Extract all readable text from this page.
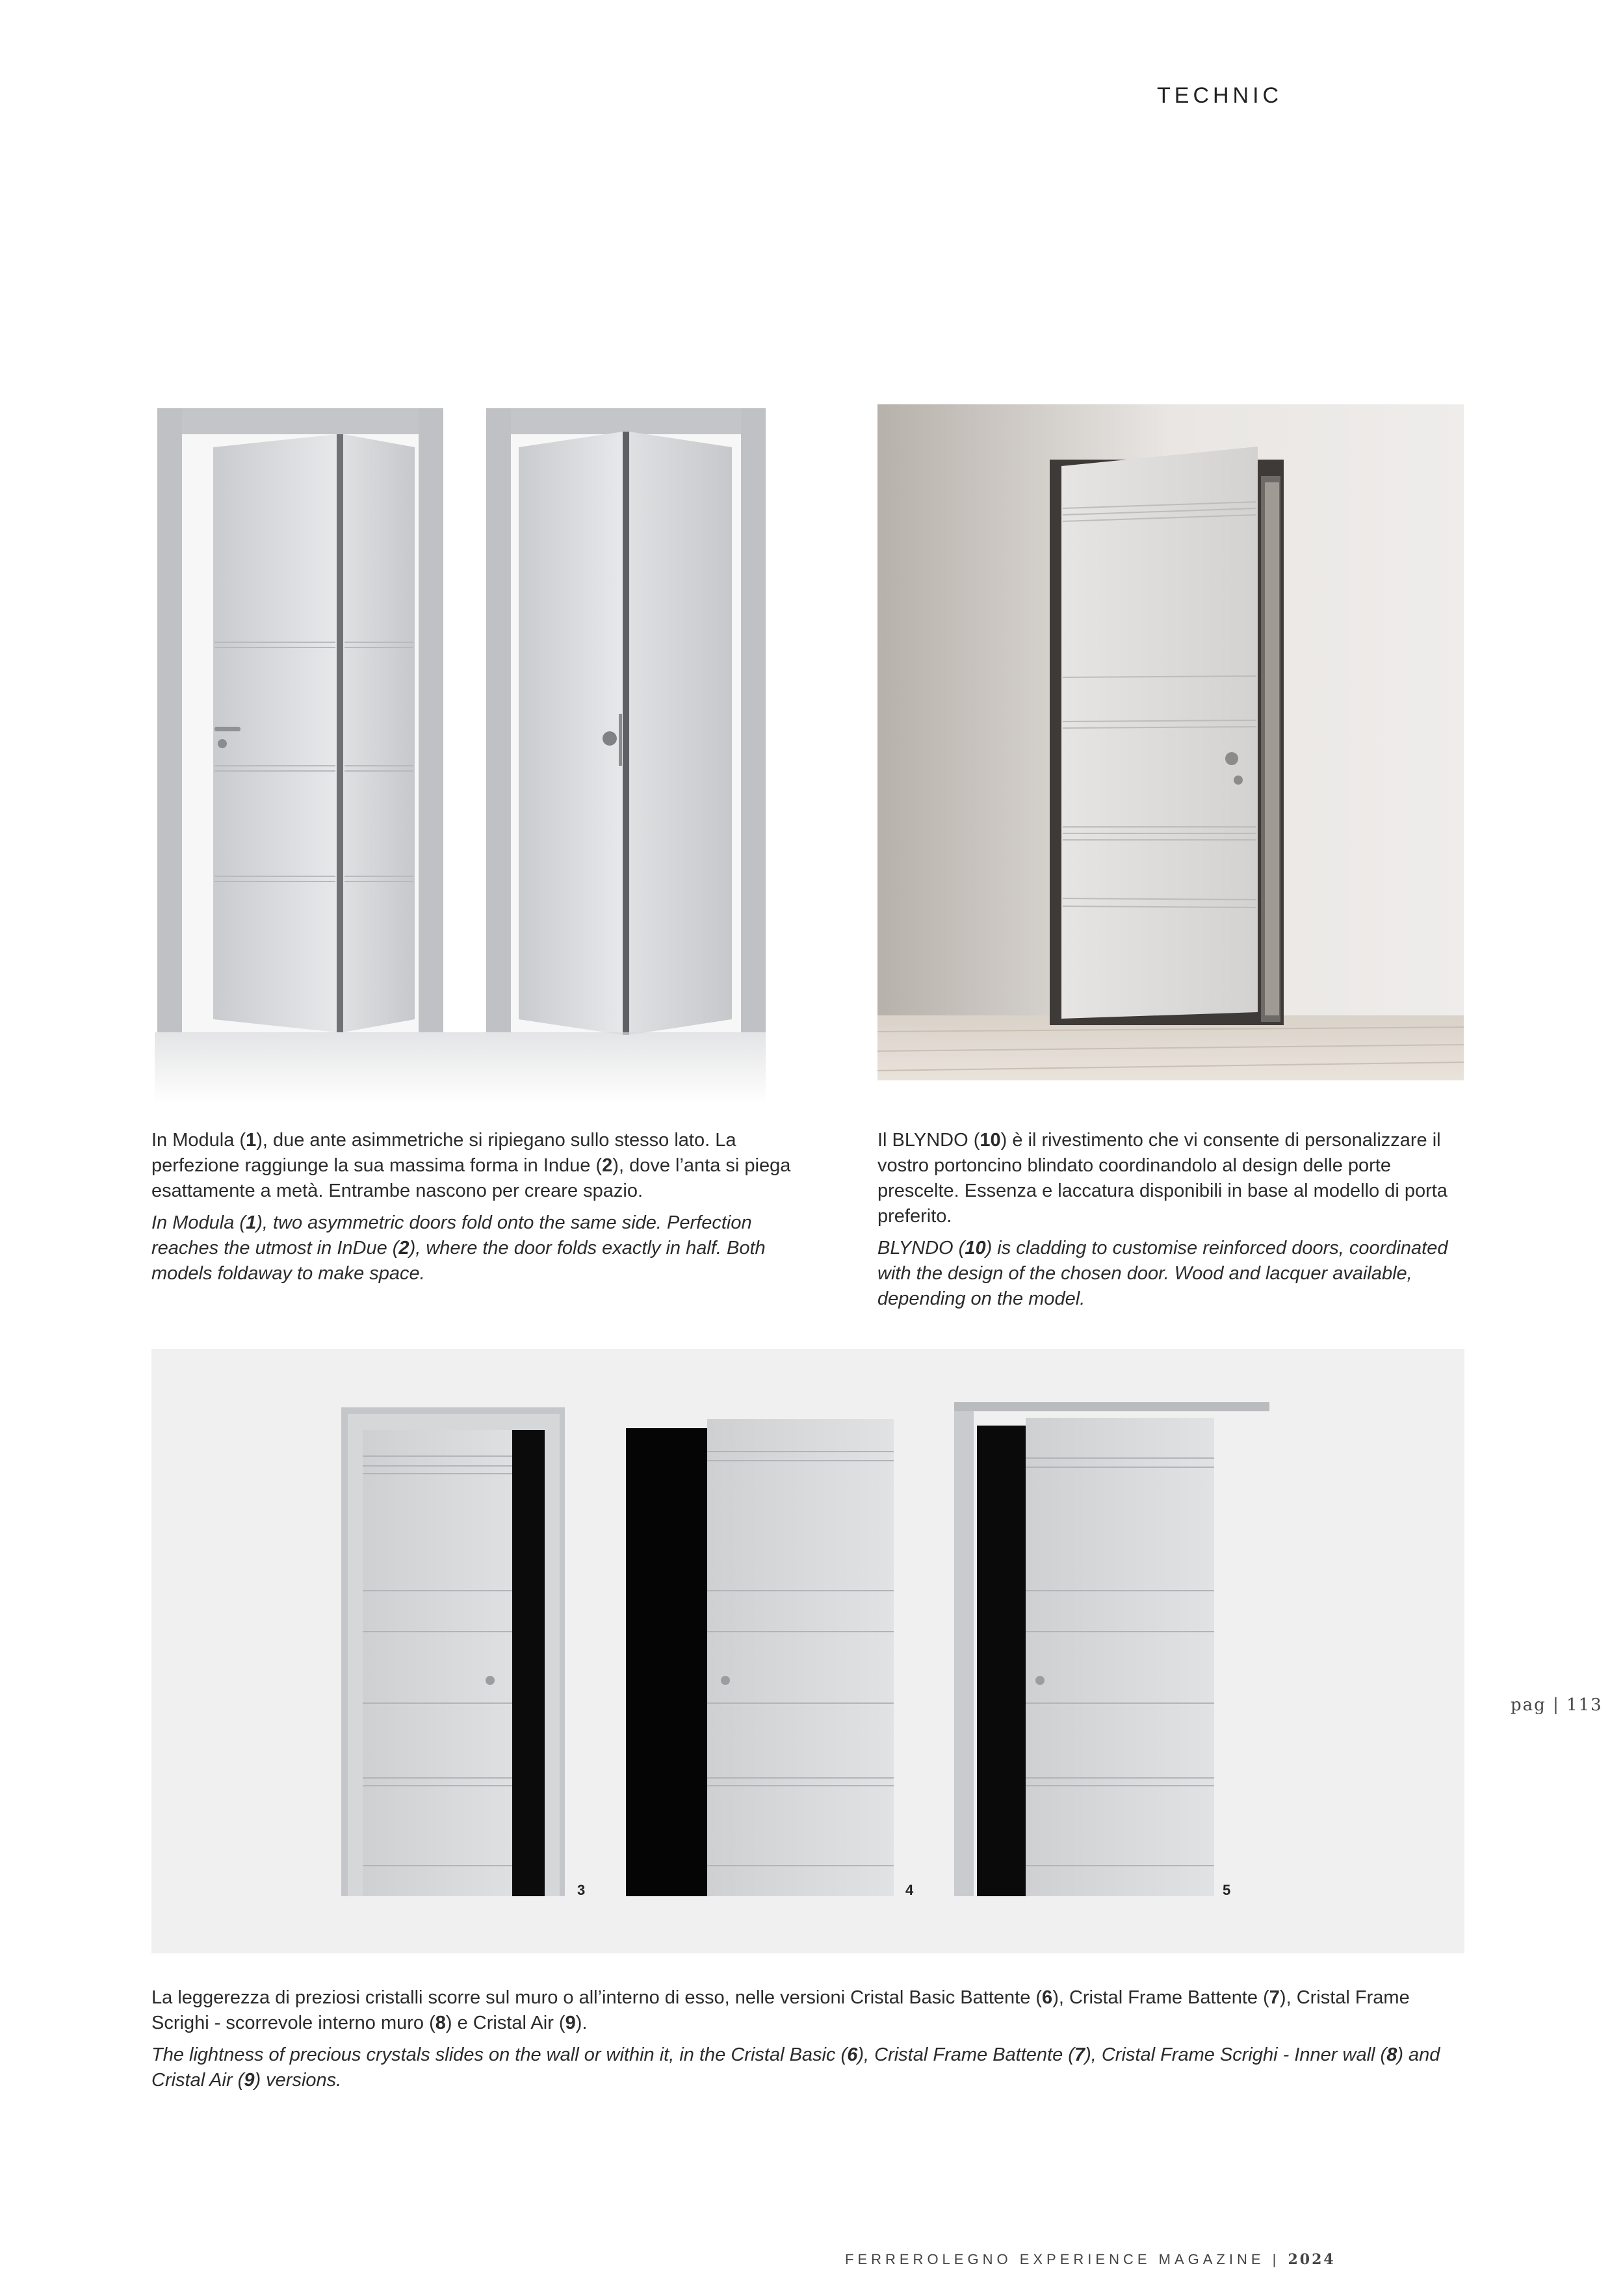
TECHNIC

In Modula (1), due ante asimmetriche si ripiegano sullo stesso lato. La perfezione raggiunge la sua massima forma in Indue (2), dove l’anta si piega esattamente a metà. Entrambe nascono per creare spazio.

In Modula (1), two asymmetric doors fold onto the same side. Perfection reaches the utmost in InDue (2), where the door folds exactly in half. Both models foldaway to make space.

Il BLYNDO (10) è il rivestimento che vi consente di personalizzare il vostro portoncino blindato coordinandolo al design delle porte prescelte. Essenza e laccatura disponibili in base al modello di porta preferito.

BLYNDO (10) is cladding to customise reinforced doors, coordinated with the design of the chosen door. Wood and lacquer available, depending on the model.

3	4	5

La leggerezza di preziosi cristalli scorre sul muro o all’interno di esso, nelle versioni Cristal Basic Battente (6), Cristal Frame Battente (7), Cristal Frame Scrighi - scorrevole interno muro (8) e Cristal Air (9).

The lightness of precious crystals slides on the wall or within it, in the Cristal Basic (6), Cristal Frame Battente (7), Cristal Frame Scrighi - Inner wall (8) and Cristal Air (9) versions.

pag | 113
FERREROLEGNO EXPERIENCE MAGAZINE | 2024
